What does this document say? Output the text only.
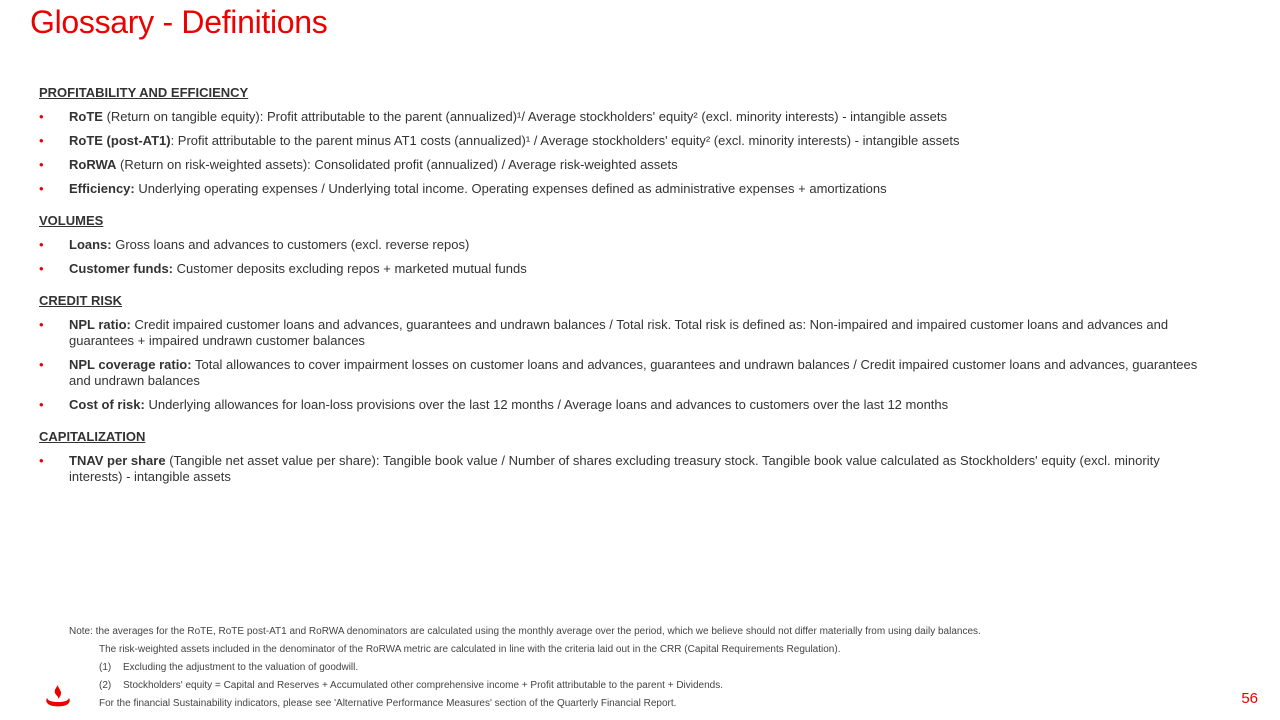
Glossary - Definitions
PROFITABILITY AND EFFICIENCY
• RoTE (Return on tangible equity): Profit attributable to the parent (annualized)¹/ Average stockholders' equity² (excl. minority interests) - intangible assets
• RoTE (post-AT1): Profit attributable to the parent minus AT1 costs (annualized)¹ / Average stockholders' equity² (excl. minority interests) - intangible assets
• RoRWA (Return on risk-weighted assets): Consolidated profit (annualized) / Average risk-weighted assets
• Efficiency: Underlying operating expenses / Underlying total income. Operating expenses defined as administrative expenses + amortizations
VOLUMES
• Loans: Gross loans and advances to customers (excl. reverse repos)
• Customer funds: Customer deposits excluding repos + marketed mutual funds
CREDIT RISK
• NPL ratio: Credit impaired customer loans and advances, guarantees and undrawn balances / Total risk. Total risk is defined as: Non-impaired and impaired customer loans and advances and guarantees + impaired undrawn customer balances
• NPL coverage ratio: Total allowances to cover impairment losses on customer loans and advances, guarantees and undrawn balances / Credit impaired customer loans and advances, guarantees and undrawn balances
• Cost of risk: Underlying allowances for loan-loss provisions over the last 12 months / Average loans and advances to customers over the last 12 months
CAPITALIZATION
• TNAV per share (Tangible net asset value per share): Tangible book value / Number of shares excluding treasury stock. Tangible book value calculated as Stockholders' equity (excl. minority interests) - intangible assets
Note: the averages for the RoTE, RoTE post-AT1 and RoRWA denominators are calculated using the monthly average over the period, which we believe should not differ materially from using daily balances.
The risk-weighted assets included in the denominator of the RoRWA metric are calculated in line with the criteria laid out in the CRR (Capital Requirements Regulation).
(1) Excluding the adjustment to the valuation of goodwill.
(2) Stockholders' equity = Capital and Reserves + Accumulated other comprehensive income + Profit attributable to the parent + Dividends.
For the financial Sustainability indicators, please see 'Alternative Performance Measures' section of the Quarterly Financial Report.	56
